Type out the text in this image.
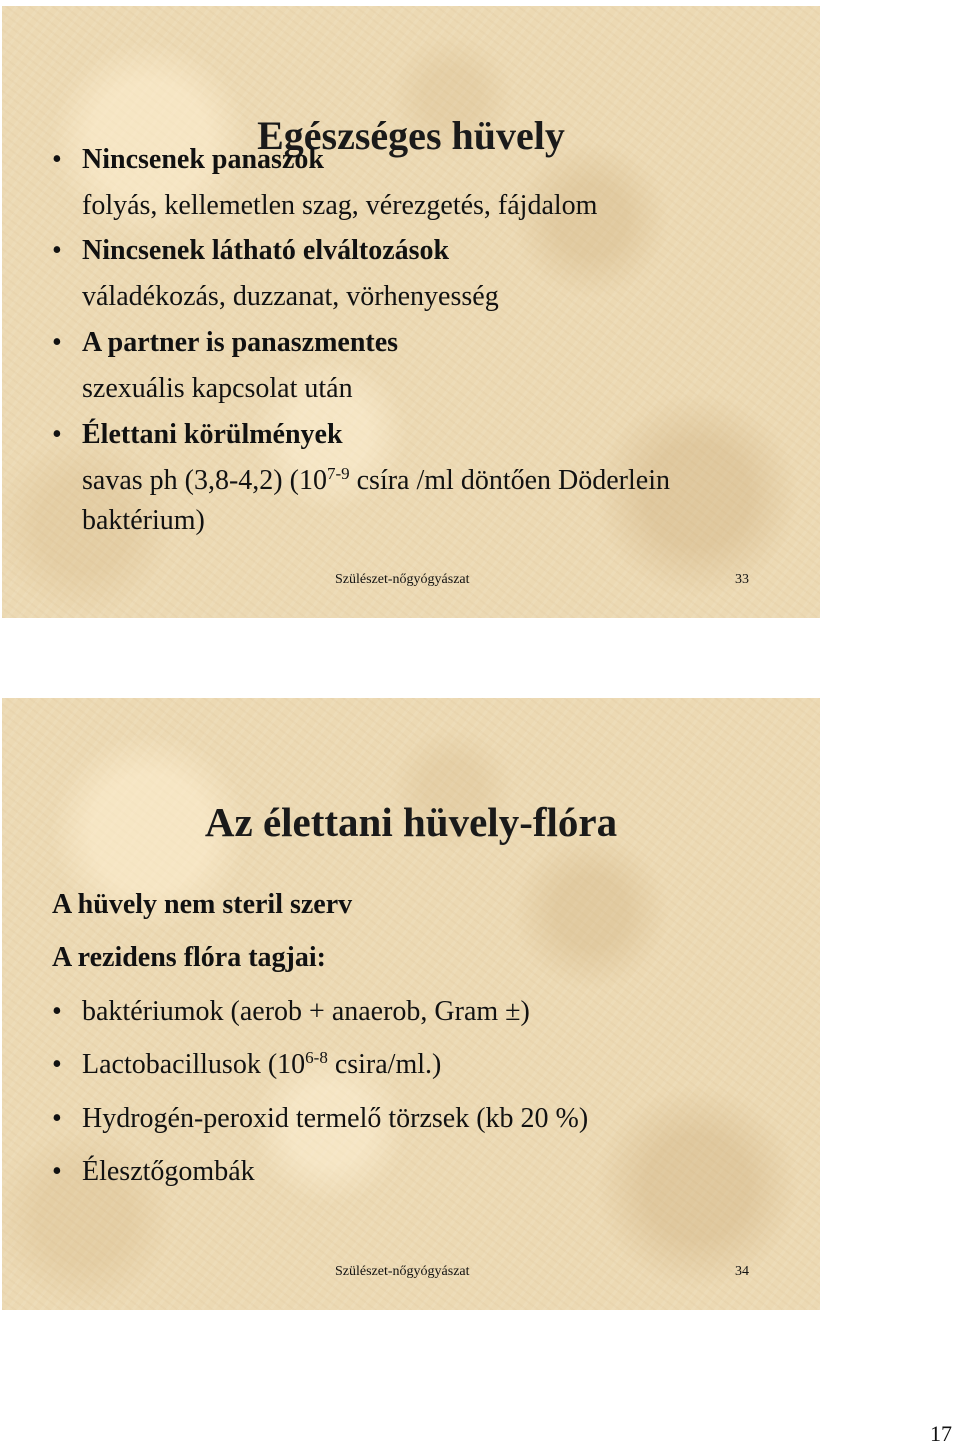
Egészséges hüvely

• Nincsenek panaszok

folyás, kellemetlen szag, vérezgetés, fájdalom

• Nincsenek látható elváltozások

váladékozás, duzzanat, vörhenyesség

• A partner is panaszmentes

szexuális kapcsolat után

• Élettani körülmények

savas ph (3,8-4,2) (10$^{7-9}$ csíra /ml döntően Döderlein

baktérium)

Szülészet-nőgyógyászat	33
Az élettani hüvely-flóra

A hüvely nem steril szerv

A rezidens flóra tagjai:

• baktériumok (aerob + anaerob, Gram ±)

• Lactobacillusok (10$^{6-8}$ csira/ml.)

• Hydrogén-peroxid termelő törzsek (kb 20 %)

• Élesztőgombák

Szülészet-nőgyógyászat	34
17
